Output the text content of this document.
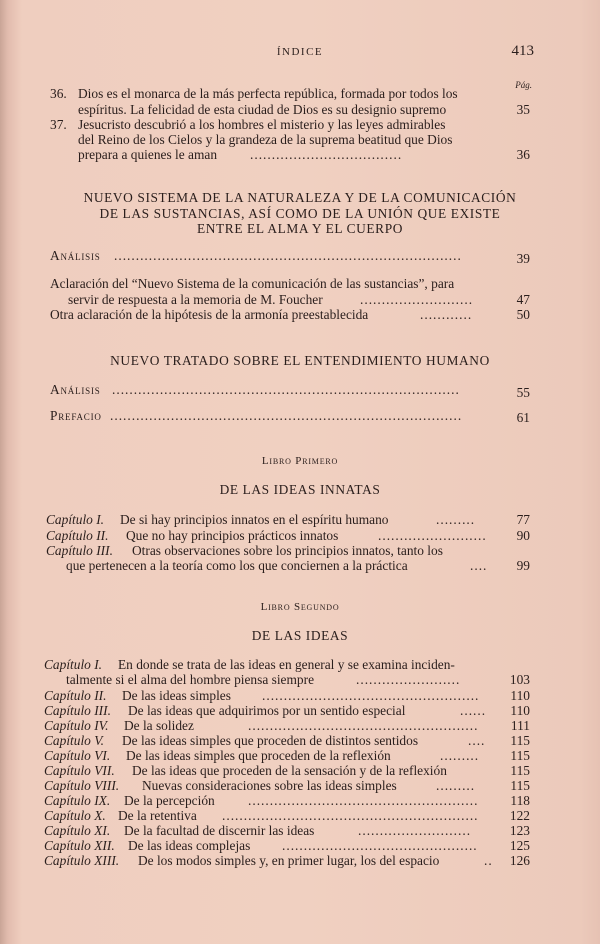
ÍNDICE	413
Pág.
36. Dios es el monarca de la más perfecta república, formada por todos los
espíritus. La felicidad de esta ciudad de Dios es su designio supremo	35
37. Jesucristo descubrió a los hombres el misterio y las leyes admirables
del Reino de los Cielos y la grandeza de la suprema beatitud que Dios
prepara a quienes le aman ...................................	36
NUEVO SISTEMA DE LA NATURALEZA Y DE LA COMUNICACIÓN
DE LAS SUSTANCIAS, ASÍ COMO DE LA UNIÓN QUE EXISTE
ENTRE EL ALMA Y EL CUERPO
Análisis ................................................................................	39
Aclaración del “Nuevo Sistema de la comunicación de las sustancias”, para
servir de respuesta a la memoria de M. Foucher	..........................	47
Otra aclaración de la hipótesis de la armonía preestablecida	............	50
NUEVO TRATADO SOBRE EL ENTENDIMIENTO HUMANO
Análisis ................................................................................	55
Prefacio .................................................................................	61
Libro Primero
DE LAS IDEAS INNATAS
Capítulo I. De si hay principios innatos en el espíritu humano	.........	77
Capítulo II. Que no hay principios prácticos innatos	......................... 90
Capítulo III. Otras observaciones sobre los principios innatos, tanto los
que pertenecen a la teoría como los que conciernen a la práctica	.... 99
Libro Segundo
DE LAS IDEAS
Capítulo I. En donde se trata de las ideas en general y se examina inciden-
talmente si el alma del hombre piensa siempre	........................	103
Capítulo II. De las ideas simples .................................................. 110
Capítulo III. De las ideas que adquirimos por un sentido especial	...... 110
Capítulo IV. De la solidez	..................................................... 111
Capítulo V. De las ideas simples que proceden de distintos sentidos	.... 115
Capítulo VI. De las ideas simples que proceden de la reflexión	......... 115
Capítulo VII. De las ideas que proceden de la sensación y de la reflexión	115
Capítulo VIII. Nuevas consideraciones sobre las ideas simples	.........	115
Capítulo IX. De la percepción ..................................................... 118
Capítulo X. De la retentiva ........................................................... 122
Capítulo XI. De la facultad de discernir las ideas	..........................	123
Capítulo XII. De las ideas complejas ............................................. 125
Capítulo XIII. De los modos simples y, en primer lugar, los del espacio	.. 126
